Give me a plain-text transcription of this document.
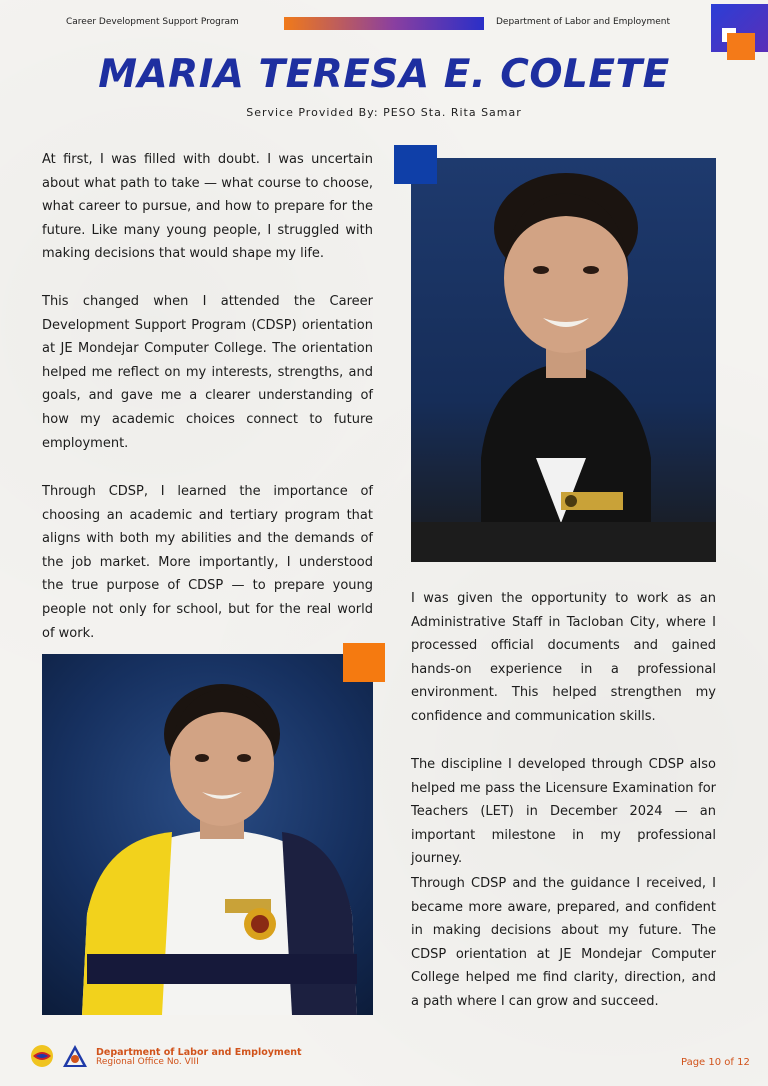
Career Development Support Program	Department of Labor and Employment
MARIA TERESA E. COLETE
Service Provided By: PESO Sta. Rita Samar
At first, I was filled with doubt. I was uncertain about what path to take — what course to choose, what career to pursue, and how to prepare for the future. Like many young people, I struggled with making decisions that would shape my life.
This changed when I attended the Career Development Support Program (CDSP) orientation at JE Mondejar Computer College. The orientation helped me reflect on my interests, strengths, and goals, and gave me a clearer understanding of how my academic choices connect to future employment.
Through CDSP, I learned the importance of choosing an academic and tertiary program that aligns with both my abilities and the demands of the job market. More importantly, I understood the true purpose of CDSP — to prepare young people not only for school, but for the real world of work.
I was given the opportunity to work as an Administrative Staff in Tacloban City, where I processed official documents and gained hands-on experience in a professional environment. This helped strengthen my confidence and communication skills.
The discipline I developed through CDSP also helped me pass the Licensure Examination for Teachers (LET) in December 2024 — an important milestone in my professional journey.
Through CDSP and the guidance I received, I became more aware, prepared, and confident in making decisions about my future. The CDSP orientation at JE Mondejar Computer College helped me find clarity, direction, and a path where I can grow and succeed.
Department of Labor and Employment
Regional Office No. VIII	Page 10 of 12
